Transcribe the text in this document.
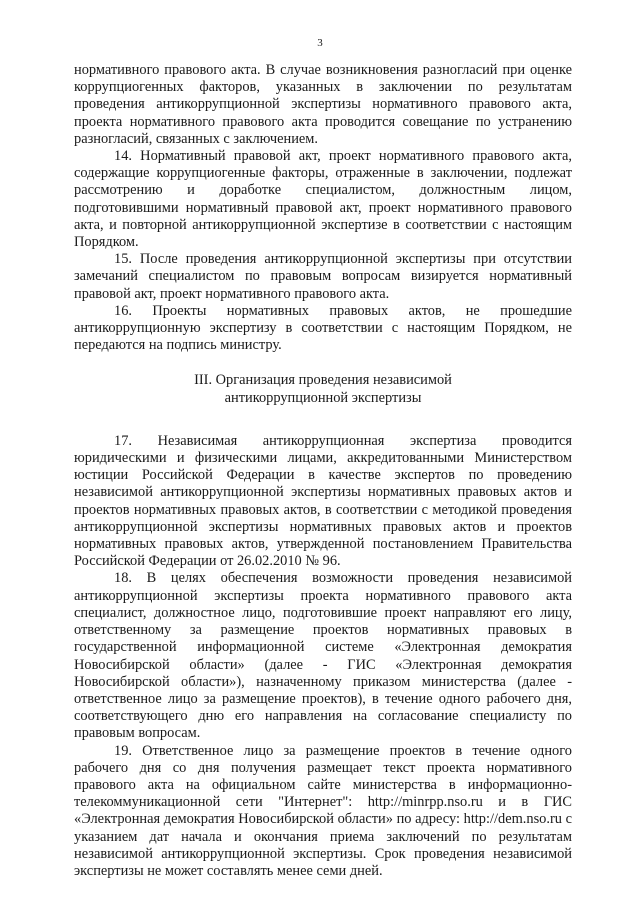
3

нормативного правового акта. В случае возникновения разногласий при оценке коррупциогенных факторов, указанных в заключении по результатам проведения антикоррупционной экспертизы нормативного правового акта, проекта нормативного правового акта проводится совещание по устранению разногласий, связанных с заключением.

14. Нормативный правовой акт, проект нормативного правового акта, содержащие коррупциогенные факторы, отраженные в заключении, подлежат рассмотрению и доработке специалистом, должностным лицом, подготовившими нормативный правовой акт, проект нормативного правового акта, и повторной антикоррупционной экспертизе в соответствии с настоящим Порядком.

15. После проведения антикоррупционной экспертизы при отсутствии замечаний специалистом по правовым вопросам визируется нормативный правовой акт, проект нормативного правового акта.

16. Проекты нормативных правовых актов, не прошедшие антикоррупционную экспертизу в соответствии с настоящим Порядком, не передаются на подпись министру.

III. Организация проведения независимой
антикоррупционной экспертизы

17. Независимая антикоррупционная экспертиза проводится юридическими и физическими лицами, аккредитованными Министерством юстиции Российской Федерации в качестве экспертов по проведению независимой антикоррупционной экспертизы нормативных правовых актов и проектов нормативных правовых актов, в соответствии с методикой проведения антикоррупционной экспертизы нормативных правовых актов и проектов нормативных правовых актов, утвержденной постановлением Правительства Российской Федерации от 26.02.2010 № 96.

18. В целях обеспечения возможности проведения независимой антикоррупционной экспертизы проекта нормативного правового акта специалист, должностное лицо, подготовившие проект направляют его лицу, ответственному за размещение проектов нормативных правовых в государственной информационной системе «Электронная демократия Новосибирской области» (далее - ГИС «Электронная демократия Новосибирской области»), назначенному приказом министерства (далее - ответственное лицо за размещение проектов), в течение одного рабочего дня, соответствующего дню его направления на согласование специалисту по правовым вопросам.

19. Ответственное лицо за размещение проектов в течение одного рабочего дня со дня получения размещает текст проекта нормативного правового акта на официальном сайте министерства в информационно-телекоммуникационной сети "Интернет": http://minrpp.nso.ru и в ГИС «Электронная демократия Новосибирской области» по адресу: http://dem.nso.ru с указанием дат начала и окончания приема заключений по результатам независимой антикоррупционной экспертизы. Срок проведения независимой экспертизы не может составлять менее семи дней.
